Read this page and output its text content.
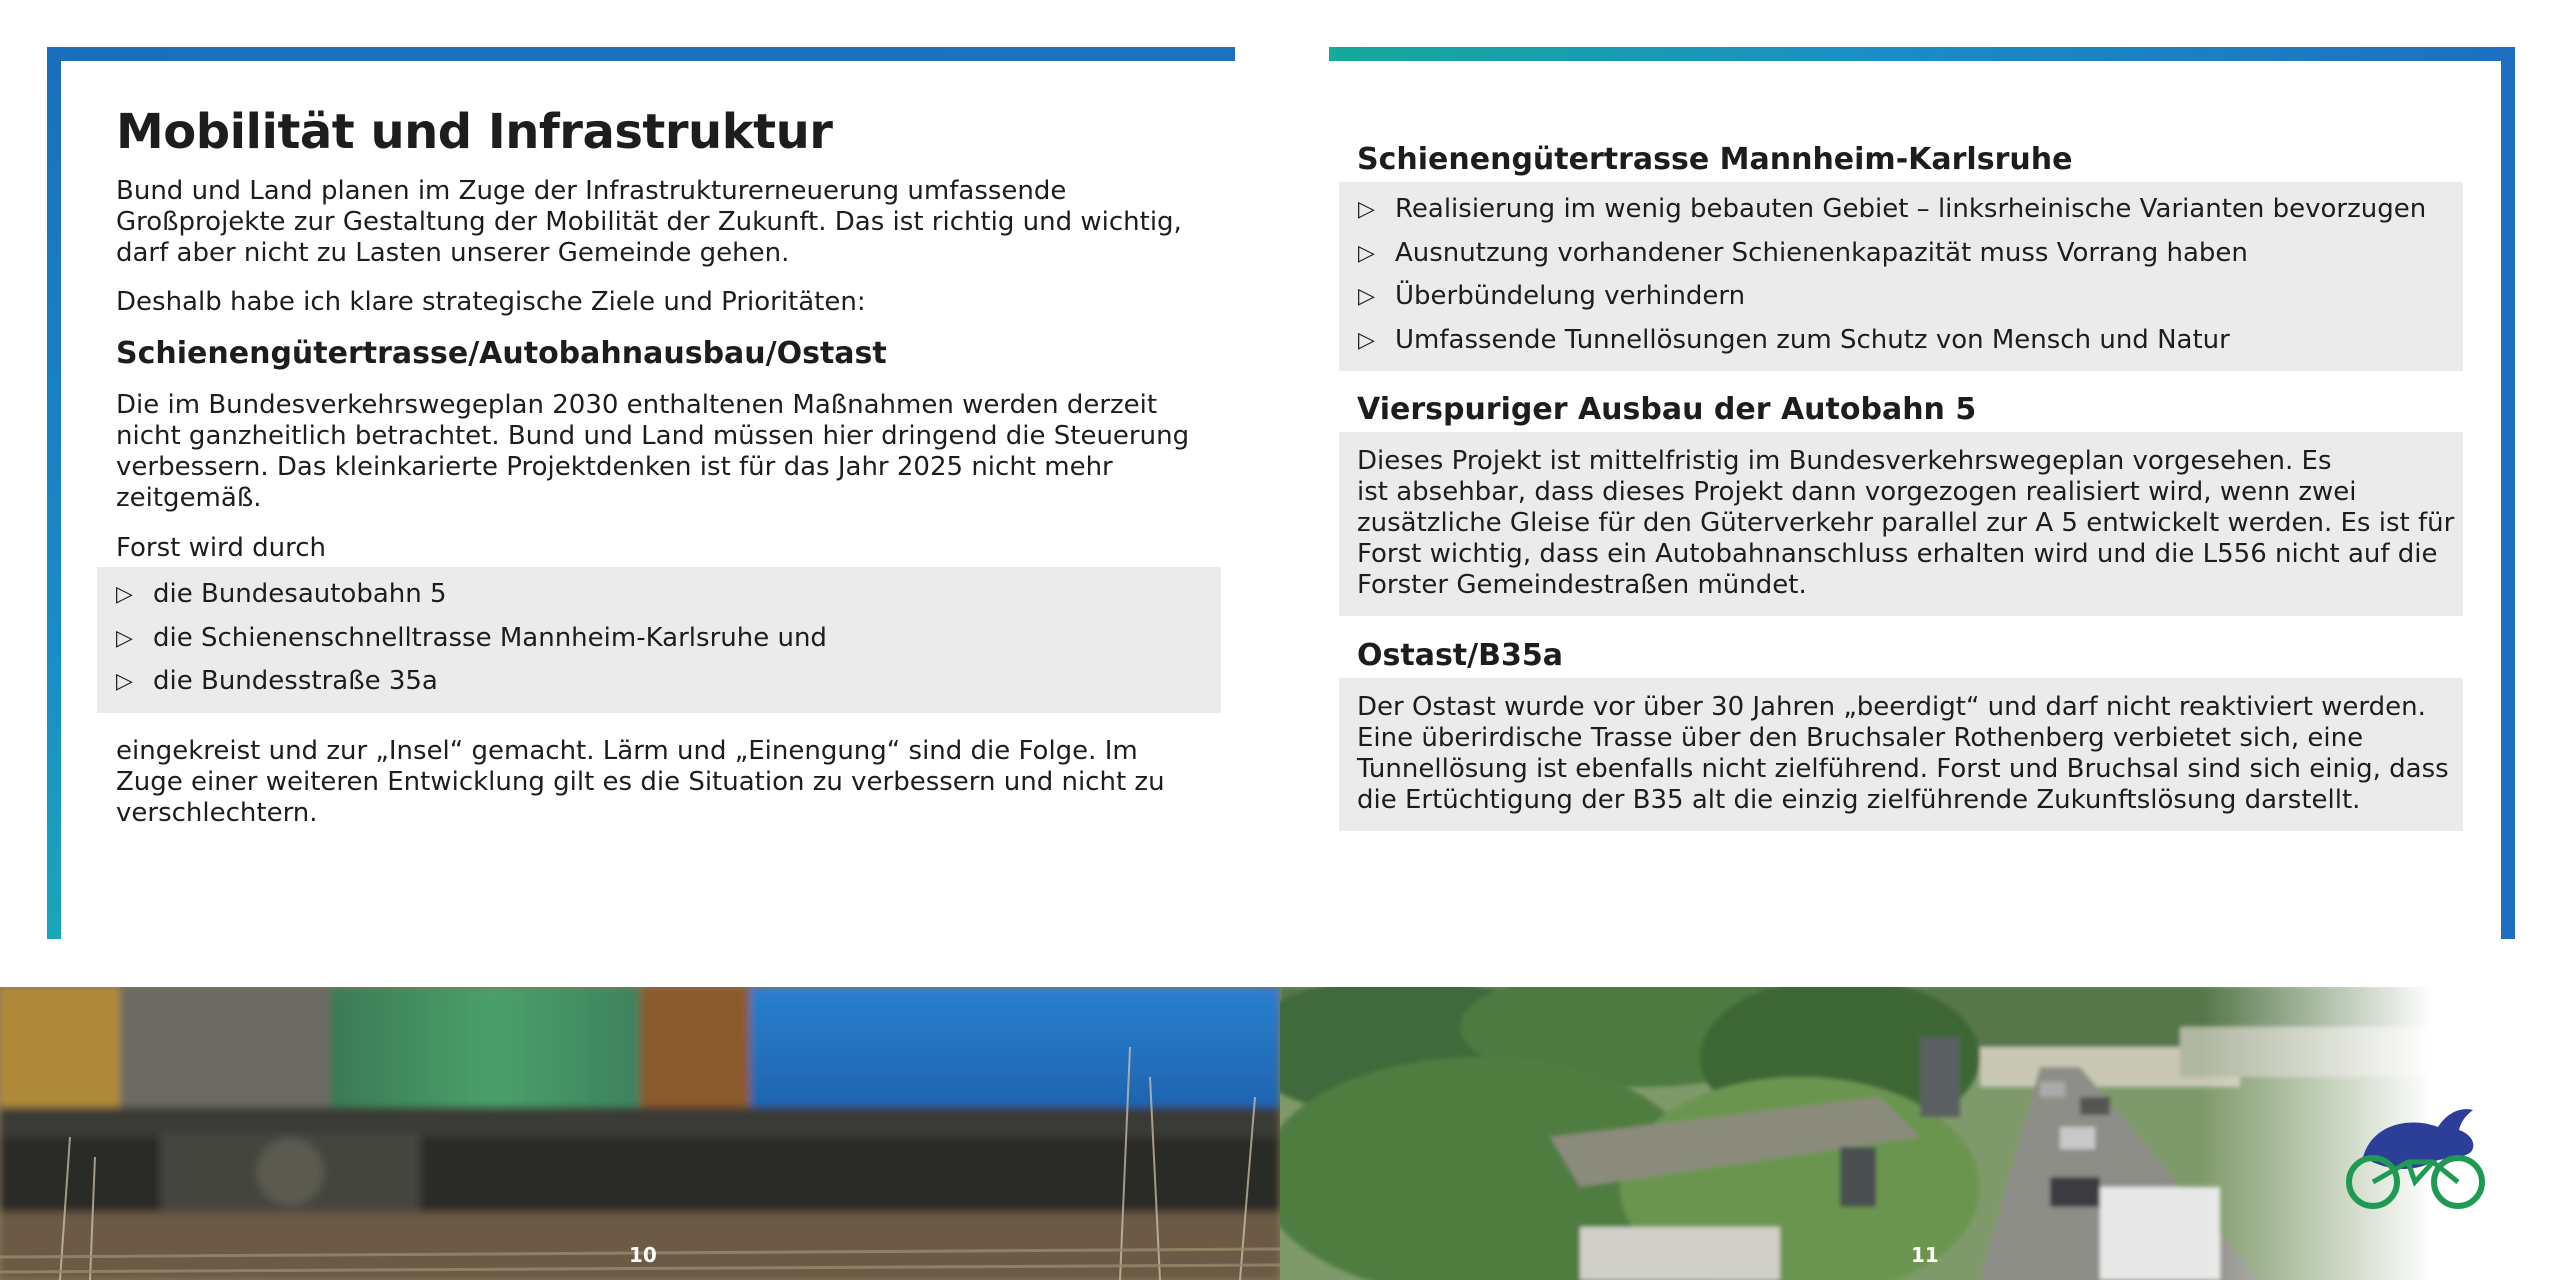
Mobilität und Infrastruktur

Bund und Land planen im Zuge der Infrastrukturerneuerung umfassende
Großprojekte zur Gestaltung der Mobilität der Zukunft. Das ist richtig und wichtig,
darf aber nicht zu Lasten unserer Gemeinde gehen.

Deshalb habe ich klare strategische Ziele und Prioritäten:

Schienengütertrasse/Autobahnausbau/Ostast

Die im Bundesverkehrswegeplan 2030 enthaltenen Maßnahmen werden derzeit
nicht ganzheitlich betrachtet. Bund und Land müssen hier dringend die Steuerung
verbessern. Das kleinkarierte Projektdenken ist für das Jahr 2025 nicht mehr
zeitgemäß.

Forst wird durch

▷ die Bundesautobahn 5
▷ die Schienenschnelltrasse Mannheim-Karlsruhe und
▷ die Bundesstraße 35a

eingekreist und zur „Insel“ gemacht. Lärm und „Einengung“ sind die Folge. Im
Zuge einer weiteren Entwicklung gilt es die Situation zu verbessern und nicht zu
verschlechtern.

Schienengütertrasse Mannheim-Karlsruhe
▷ Realisierung im wenig bebauten Gebiet – linksrheinische Varianten bevorzugen
▷ Ausnutzung vorhandener Schienenkapazität muss Vorrang haben
▷ Überbündelung verhindern
▷ Umfassende Tunnellösungen zum Schutz von Mensch und Natur
Vierspuriger Ausbau der Autobahn 5

Dieses Projekt ist mittelfristig im Bundesverkehrswegeplan vorgesehen. Es
ist absehbar, dass dieses Projekt dann vorgezogen realisiert wird, wenn zwei
zusätzliche Gleise für den Güterverkehr parallel zur A 5 entwickelt werden. Es ist für
Forst wichtig, dass ein Autobahnanschluss erhalten wird und die L556 nicht auf die
Forster Gemeindestraßen mündet.

Ostast/B35a

Der Ostast wurde vor über 30 Jahren „beerdigt“ und darf nicht reaktiviert werden.
Eine überirdische Trasse über den Bruchsaler Rothenberg verbietet sich, eine
Tunnellösung ist ebenfalls nicht zielführend. Forst und Bruchsal sind sich einig, dass
die Ertüchtigung der B35 alt die einzig zielführende Zukunftslösung darstellt.

10	11
